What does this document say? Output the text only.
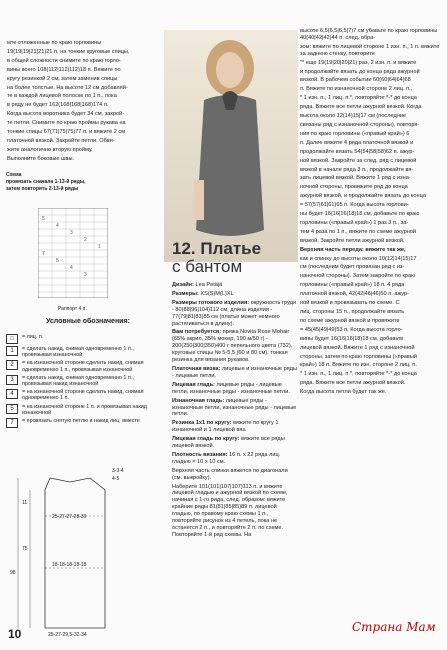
мте отложенные по краю горловины

19(19|19|21|21)21 п. на тонкие круговые спицы,

в общей сложности снимите по краю горло-

вины всего 108(112|112|112)18 п. Вяжите по

кругу резинкой 2 см, затем заменив спицы

на более толстые. На высоте 12 см добавляй-

те в каждой лицевой полоске по 1 п., пока

в ряду не будет 162(168|168|168)174 п.

Когда высота воротника будет 34 см, закрой-

те петли. Снимите по краю проймы рукава на

тонкие спицы 67(71|75|75)77 п. и вяжите 2 см

платочной вязкой. Закройте петли. Обвя-

жите аналогично вторую пройму.

Выполните боковые швы.

Схема
провязать сначала 1-13-й ряды,
затем повторять 2-13-й ряды
5
4
3
2
1
7
5
4
3
Раппорт 4 п.
Условные обозначения:
□	= лиц. п.
1	= сделать накид, снимая одновременно 1 п., провязывая изнаночной
2	= на изнаночной стороне сделать накид, снимая одновременно 1 п., провязывая изнаночной
3	= сделать накид, снимая одновременно 1 п., провязывая накид изнаночной
4	= на изнаночной стороне сделать накид, снимая одновременно 1 п.
5	= на изнаночной стороне 1 п. и провязывая накид изнаночной
7	= провязать снятую петлю и накид лиц. вместе
3-3-4
4-5
11
25-27-27-28-30
75
98
18-18-18-18-18
25-27-29,5-32-34
12. Платье
с бантом

Дизайн: Lea Petäjä

Размеры: XS(S)M(L)XL

Размеры готового изделия: окружность груди - 80(88|96|104)112 см, длина изделия - 77(79|81|83)85 см (платье может немного растягиваться в длину).

Вам потребуется: пряжа Novita Rose Mohair (65% акрил, 35% мохер, 190 м/50 г) - 200(250|300|350)400 г пепельного цвета (732), круговые спицы № 5-5,5 (60 и 80 см), тонкая резинка для вязания рукавов.

Платочная вязка: лицевые и изнаночные ряды - лицевые петли.

Лицевая гладь: лицевые ряды - лицевые петли, изнаночные ряды - изнаночные петли.

Изнаночная гладь: лицевые ряды - изнаночные петли, изнаночные ряды - лицевые петли.

Резинка 1х1 по кругу: вяжите по кругу 1 изнаночной и 1 лицевой вяз.

Лицевая гладь по кругу: вяжите все ряды лицевой вязкой.

Плотность вязания: 16 п. х 22 ряда лиц. гладью = 10 х 10 см.

Верхняя часть спинки вяжется по диагонали (см. выкройку).

Наберите 101(101|107|107)113 п. и вяжите лицевой гладью и ажурной вязкой по схеме, начиная с 1-го ряда, след. образом: вяжите крайние ряды 81(81|85|85)89 п. лицевой гладью, по правому краю схемы 1 п., повторяйте рисунок из 4 петель, пока не останется 2 п., и повторяйте 2 п. по схеме. Повторяйте 1-й ряд схемы. На

высоте 6,5(6,5|6,5|7)7 см убавьте по краю горловины 40(40|42|42)44 п. след. обра-

зом: вяжите по лицевой стороне 1 изн. п., 1 п. вяжите за заднюю стенку, повторите

"* еще 19(19|20|20|21) раз, 2 изн. п. и вяжите

и продолжайте вязать до конца ряда ажурной

вязкой. В рабочем событии 60(60|64|64)68

п. Вяжите по изнаночной стороне 2 лиц. п.,

* 1 изн. п., 1 лиц. п.*, повторяйте *-* до конца

ряда. Вяжите все петли ажурной вязкой. Когда

высота около 12(14)15|17 см (последние

связаны ряд с изнаночной стороны), повторя-

ния по краю горловины («правый край») 6

п. Далее вяжите 4 ряда платочной вязкой и

продолжайте вязать 54(54|58|58)62 п. ажур-

ной вязкой. Закройте за след. ряд с лицевой

вязкой в начале ряда 3 п., продолжайте вя-

зать лицевой вязкой. Вяжите 1 ряд с изна-

ночной стороны, провяжите ряд до конца

ажурной вязкой, и продолжайте вязать до конца

= 57(57|61|61)65 п. Когда высота горлови-

ны будет 16(16|16|18)18 см, добавьте по краю

горловины («правый край») 1 раз 3 п., за-

тем 4 раза по 1 п., вяжите по схеме ажурной

вязкой. Закройте петли ажурной вязкой.

Верхняя часть переда: вяжите так же,

как и спинку до высоты около 10(12|14|15)17

см (последним будет провязан ряд с из-

наночной стороны). Затем закройте по краю

горловины («правый край») 18 п. 4 ряда

платочной вязкой, 42(42|46|46)50 п. ажур-

ной вязкой и провязывать по схеме. С

лиц. стороны 15 п., продолжайте вязать

по схеме ажурной вязкой и провяжите

= 45(45|49|49)53 п. Когда высота горло-

вины будет 16(16|16|18)18 см, добавьте

лицевой вязкой. Вяжите 1 ряд с изнаночной

стороны, затем по краю горловины («правый

край») 18 п. Вяжите по изн. стороне 2 лиц. п.

* 1 изн. п., 1 лиц. п.*, повторяйте *-* до конца

ряда. Вяжите все петли ажурной вязкой.

Когда высота петли будет так же.

10	Страна Мам
